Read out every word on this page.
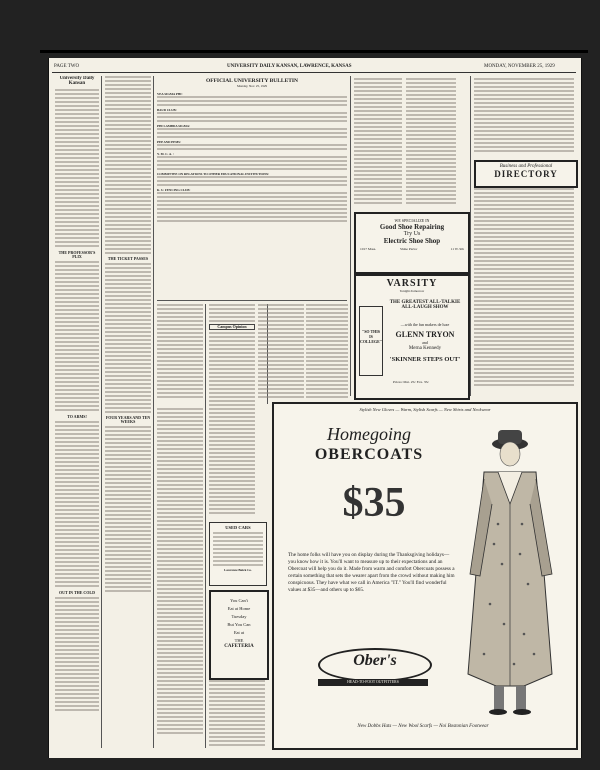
PAGE TWO	UNIVERSITY DAILY KANSAN, LAWRENCE, KANSAS	MONDAY, NOVEMBER 25, 1929
University Daily Kansan
THE PROFESSOR'S PLIX
TO ARMS!
OUT IN THE COLD
THE TICKET PASSES
FOUR YEARS AND TEN WEEKS
OFFICIAL UNIVERSITY BULLETIN
Monday, Nov. 25, 1929
VEA SIGMA PHI:
BAUD CLUB:
PHI LAMBDA SIGMA:
PEP AND PEMS:
Y. M. C. A. :
COMMITTEE ON RELATIONS TO OTHER EDUCATIONAL INSTITUTIONS:
K. U. FENCING CLUB:
Campus Opinion
USED CARS
Lawrence Buick Co.
You Can't
Eat at Home
Tuesday
But You Can
Eat at
THE
CAFETERIA
WE SPECIALIZE IN
Good Shoe Repairing
Try Us
Electric Shoe Shop
1017 Mass.	Shine Parlor	11 W. 9th
VARSITY
Tonight-Tomorrow
"SO THIS IS COLLEGE"
THE GREATEST ALL-TALKIE ALL-LAUGH SHOW
—with the fun makers de luxe
GLENN TRYON
and
Merna Kennedy
'SKINNER STEPS OUT'
Prices: Mat. 25c Eve. 35c
Business and Professional
DIRECTORY
Stylish New Gloves — Warm, Stylish Scarfs — New Shirts and Neckwear
Homegoing
OBERCOATS
$35
The home folks will have you on display during the Thanksgiving holidays—you know how it is. You'll want to measure up to their expectations and an Obercoat will help you do it. Made from warm and comfort Obercoats possess a certain something that sets the wearer apart from the crowd without making him conspicuous. They have what we call in America "IT." You'll find wonderful values at $35—and others up to $65.
Ober's
HEAD-TO-FOOT OUTFITTERS
New Dobbs Hats — New Wool Scarfs — Noi Bostonian Footwear
